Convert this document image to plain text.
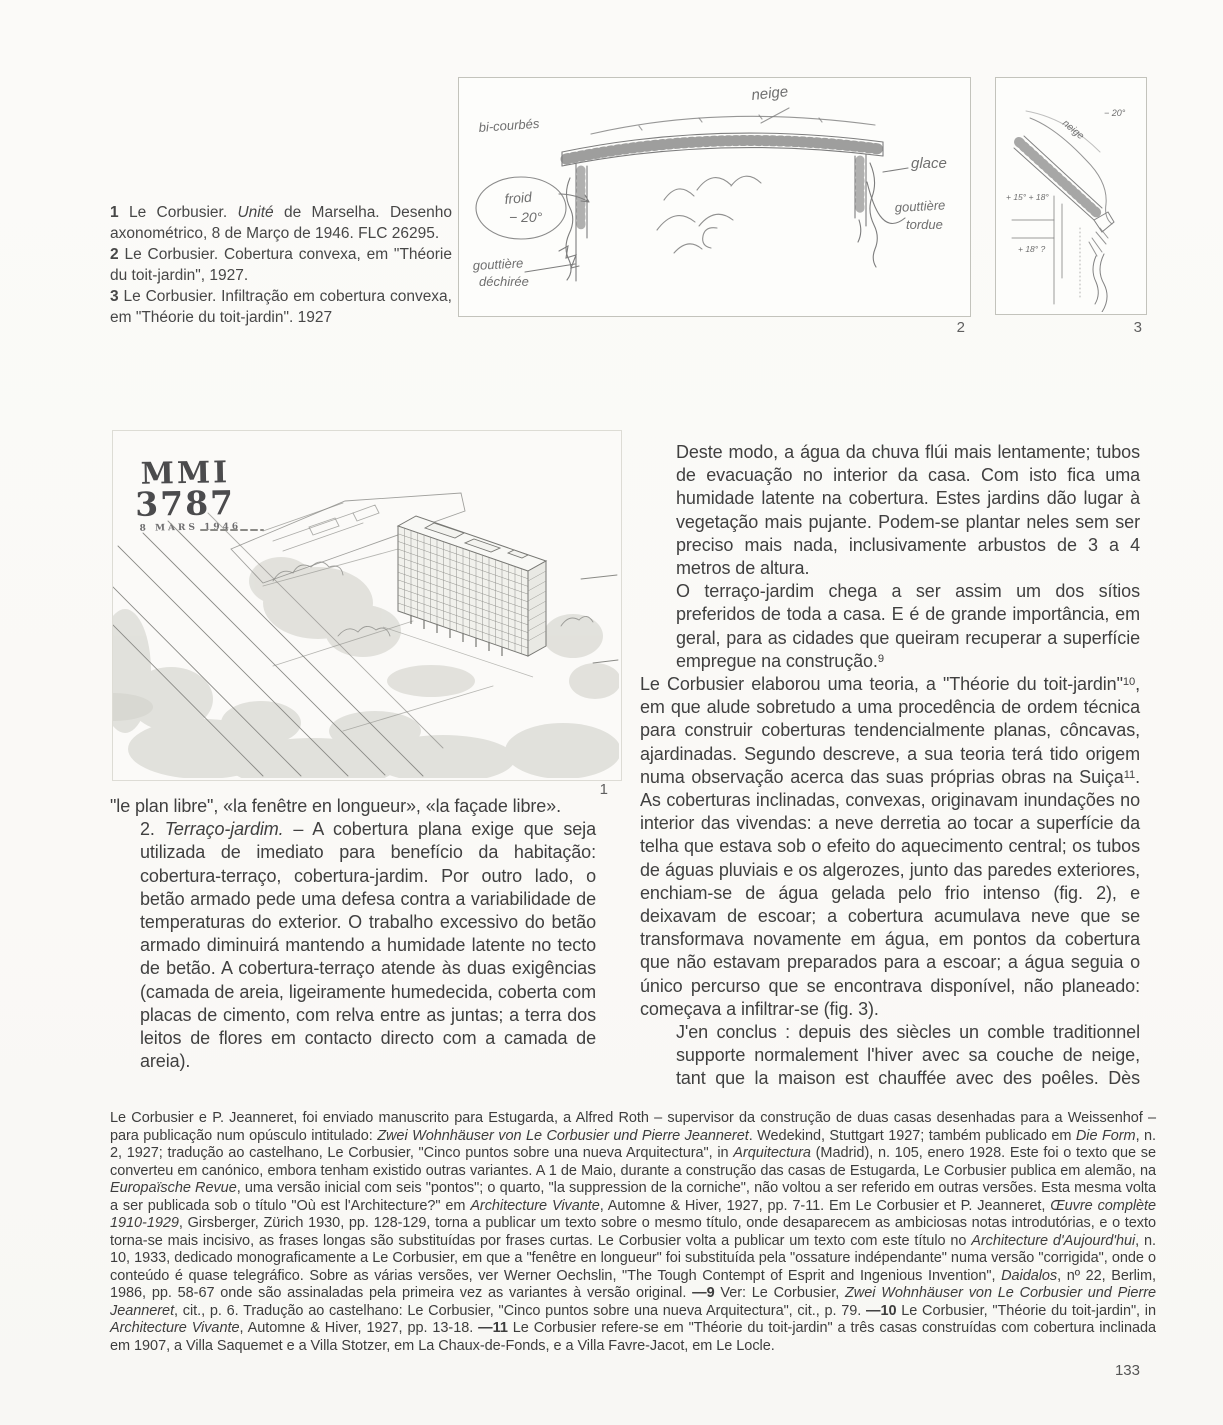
1 Le Corbusier. Unité de Marselha. Desenho axonométrico, 8 de Março de 1946. FLC 26295.

2 Le Corbusier. Cobertura convexa, em "Théorie du toit-jardin", 1927.

3 Le Corbusier. Infiltração em cobertura convexa, em "Théorie du toit-jardin". 1927

bi-courbés
neige
glace
gouttière
tordue
froid
− 20°
gouttière
déchirée
2
neige
− 20°
+ 15° + 18°
+ 18° ?
3
MMI
3787
8 MARS 1946
1

"le plan libre", «la fenêtre en longueur», «la façade libre».

2. Terraço-jardim. – A cobertura plana exige que seja utilizada de imediato para benefício da habitação: cobertura-terraço, cobertura-jardim. Por outro lado, o betão armado pede uma defesa contra a variabilidade de temperaturas do exterior. O trabalho excessivo do betão armado diminuirá mantendo a humidade latente no tecto de betão. A cobertura-terraço atende às duas exigências (camada de areia, ligeiramente humedecida, coberta com placas de cimento, com relva entre as juntas; a terra dos leitos de flores em contacto directo com a camada de areia).

Deste modo, a água da chuva flúi mais lentamente; tubos de evacuação no interior da casa. Com isto fica uma humidade latente na cobertura. Estes jardins dão lugar à vegetação mais pujante. Podem-se plantar neles sem ser preciso mais nada, inclusivamente arbustos de 3 a 4 metros de altura.

O terraço-jardim chega a ser assim um dos sítios preferidos de toda a casa. E é de grande importância, em geral, para as cidades que queiram recuperar a superfície empregue na construção.$^9$

Le Corbusier elaborou uma teoria, a "Théorie du toit-jardin"$^{10}$, em que alude sobretudo a uma procedência de ordem técnica para construir coberturas tendencialmente planas, côncavas, ajardinadas. Segundo descreve, a sua teoria terá tido origem numa observação acerca das suas próprias obras na Suiça$^{11}$. As coberturas inclinadas, convexas, originavam inundações no interior das vivendas: a neve derretia ao tocar a superfície da telha que estava sob o efeito do aquecimento central; os tubos de águas pluviais e os algerozes, junto das paredes exteriores, enchiam-se de água gelada pelo frio intenso (fig. 2), e deixavam de escoar; a cobertura acumulava neve que se transformava novamente em água, em pontos da cobertura que não estavam preparados para a escoar; a água seguia o único percurso que se encontrava disponível, não planeado: começava a infiltrar-se (fig. 3).

J'en conclus : depuis des siècles un comble traditionnel supporte normalement l'hiver avec sa couche de neige, tant que la maison est chauffée avec des poêles. Dès

Le Corbusier e P. Jeanneret, foi enviado manuscrito para Estugarda, a Alfred Roth – supervisor da construção de duas casas desenhadas para a Weissenhof – para publicação num opúsculo intitulado: Zwei Wohnhäuser von Le Corbusier und Pierre Jeanneret. Wedekind, Stuttgart 1927; também publicado em Die Form, n. 2, 1927; tradução ao castelhano, Le Corbusier, "Cinco puntos sobre una nueva Arquitectura", in Arquitectura (Madrid), n. 105, enero 1928. Este foi o texto que se converteu em canónico, embora tenham existido outras variantes. A 1 de Maio, durante a construção das casas de Estugarda, Le Corbusier publica em alemão, na Europaïsche Revue, uma versão inicial com seis "pontos"; o quarto, "la suppression de la corniche", não voltou a ser referido em outras versões. Esta mesma volta a ser publicada sob o título "Où est l'Architecture?" em Architecture Vivante, Automne & Hiver, 1927, pp. 7-11. Em Le Corbusier et P. Jeanneret, Œuvre complète 1910-1929, Girsberger, Zürich 1930, pp. 128-129, torna a publicar um texto sobre o mesmo título, onde desaparecem as ambiciosas notas introdutórias, e o texto torna-se mais incisivo, as frases longas são substituídas por frases curtas. Le Corbusier volta a publicar um texto com este título no Architecture d'Aujourd'hui, n. 10, 1933, dedicado monograficamente a Le Corbusier, em que a "fenêtre en longueur" foi substituída pela "ossature indépendante" numa versão "corrigida", onde o conteúdo é quase telegráfico. Sobre as várias versões, ver Werner Oechslin, "The Tough Contempt of Esprit and Ingenious Invention", Daidalos, nº 22, Berlim, 1986, pp. 58-67 onde são assinaladas pela primeira vez as variantes à versão original. —9 Ver: Le Corbusier, Zwei Wohnhäuser von Le Corbusier und Pierre Jeanneret, cit., p. 6. Tradução ao castelhano: Le Corbusier, "Cinco puntos sobre una nueva Arquitectura", cit., p. 79. —10 Le Corbusier, "Théorie du toit-jardin", in Architecture Vivante, Automne & Hiver, 1927, pp. 13-18. —11 Le Corbusier refere-se em "Théorie du toit-jardin" a três casas construídas com cobertura inclinada em 1907, a Villa Saquemet e a Villa Stotzer, em La Chaux-de-Fonds, e a Villa Favre-Jacot, em Le Locle.

133
